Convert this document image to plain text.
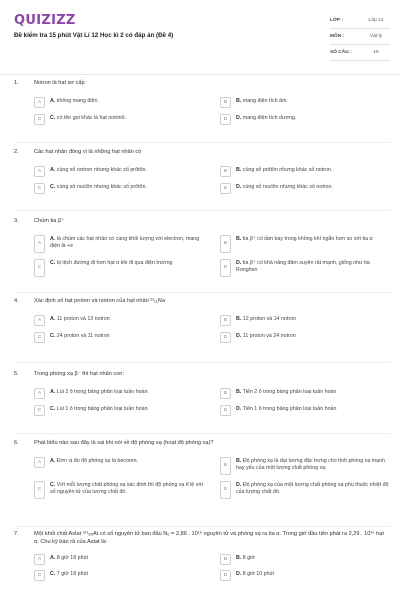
QUIZIZZ
Đề kiểm tra 15 phút Vật Lí 12 Học kì 2 có đáp án (Đề 4)
LỚP :	Lớp 12
MÔN :	Vật lý
SỐ CÂU :	10
1.	Notron là hạt sơ cấp
A	A. không mang điện.	B	B. mang điện tích âm.
C	C. có tên gọi khác là hạt notrinô.	D	D. mang điện tích dương.
2.	Các hạt nhân đồng vị là những hạt nhân có
A	A. cùng số nơtron nhưng khác số prôtôn.	B	B. cùng số prôtôn nhưng khác số notron.
C	C. cùng số nuclôn nhưng khác số prôtôn.	D	D. cùng số nuclôn nhưng khác số notron.
3.	Chùm tia β⁺
A
A. là chùm các hạt nhân có cùng khối lượng với electron, mang điện là +e	B
B. tia β⁺ có tầm bay trong không khí ngắn hơn so với tia α
C
C. bị lệch đường đi hơn hạt α khi đi qua điện trường
D
D. tia β⁺ có khả năng đâm xuyên rất mạnh, giống như tia Ronghen
4.	Xác định số hạt proton và notron của hạt nhân ²³₁₁Na
A	A. 11 proton và 13 notron	B	B. 12 proton và 14 notron
C	C. 24 proton và 11 notron	D	D. 11 proton và 24 notron
5.	Trong phóng xạ β⁻ thì hạt nhân con:
A	A. Lùi 2 ô trong bảng phân loại tuần hoàn	B	B. Tiến 2 ô trong bảng phân loại tuần hoàn
C	C. Lùi 1 ô trong bảng phân loại tuần hoàn	D	D. Tiến 1 ô trong bảng phân loại tuần hoàn
6.	Phát biểu nào sau đây là sai khi nói về độ phóng xạ (hoạt độ phóng xạ)?
A	A. Đơn vị đo độ phóng xạ là becoren.
B
B. Độ phóng xạ là đại lượng đặc trưng cho tính phóng xạ mạnh hay yếu của một lượng chất phóng xạ.
C
C. Với mỗi lượng chất phóng xạ xác định thì độ phóng xạ tỉ lệ với số nguyên tử của lượng chất đó.	D
D. Độ phóng xạ của một lượng chất phóng xạ phụ thuộc nhiệt độ của lượng chất đó.
7.	Một khối chất Astat ²¹¹₈₅At có số nguyên tử ban đầu N₀ = 2,86 . 10¹⁶ nguyên tử và phóng xạ ra tia α. Trong giờ đầu tiên phát ra 2,29 . 10¹⁵ hạt α. Chu kỳ bán rã của Astat là:
A	A. 8 giờ 18 phút	B	B. 8 giờ
C	C. 7 giờ 18 phút	D	D. 8 giờ 10 phút
